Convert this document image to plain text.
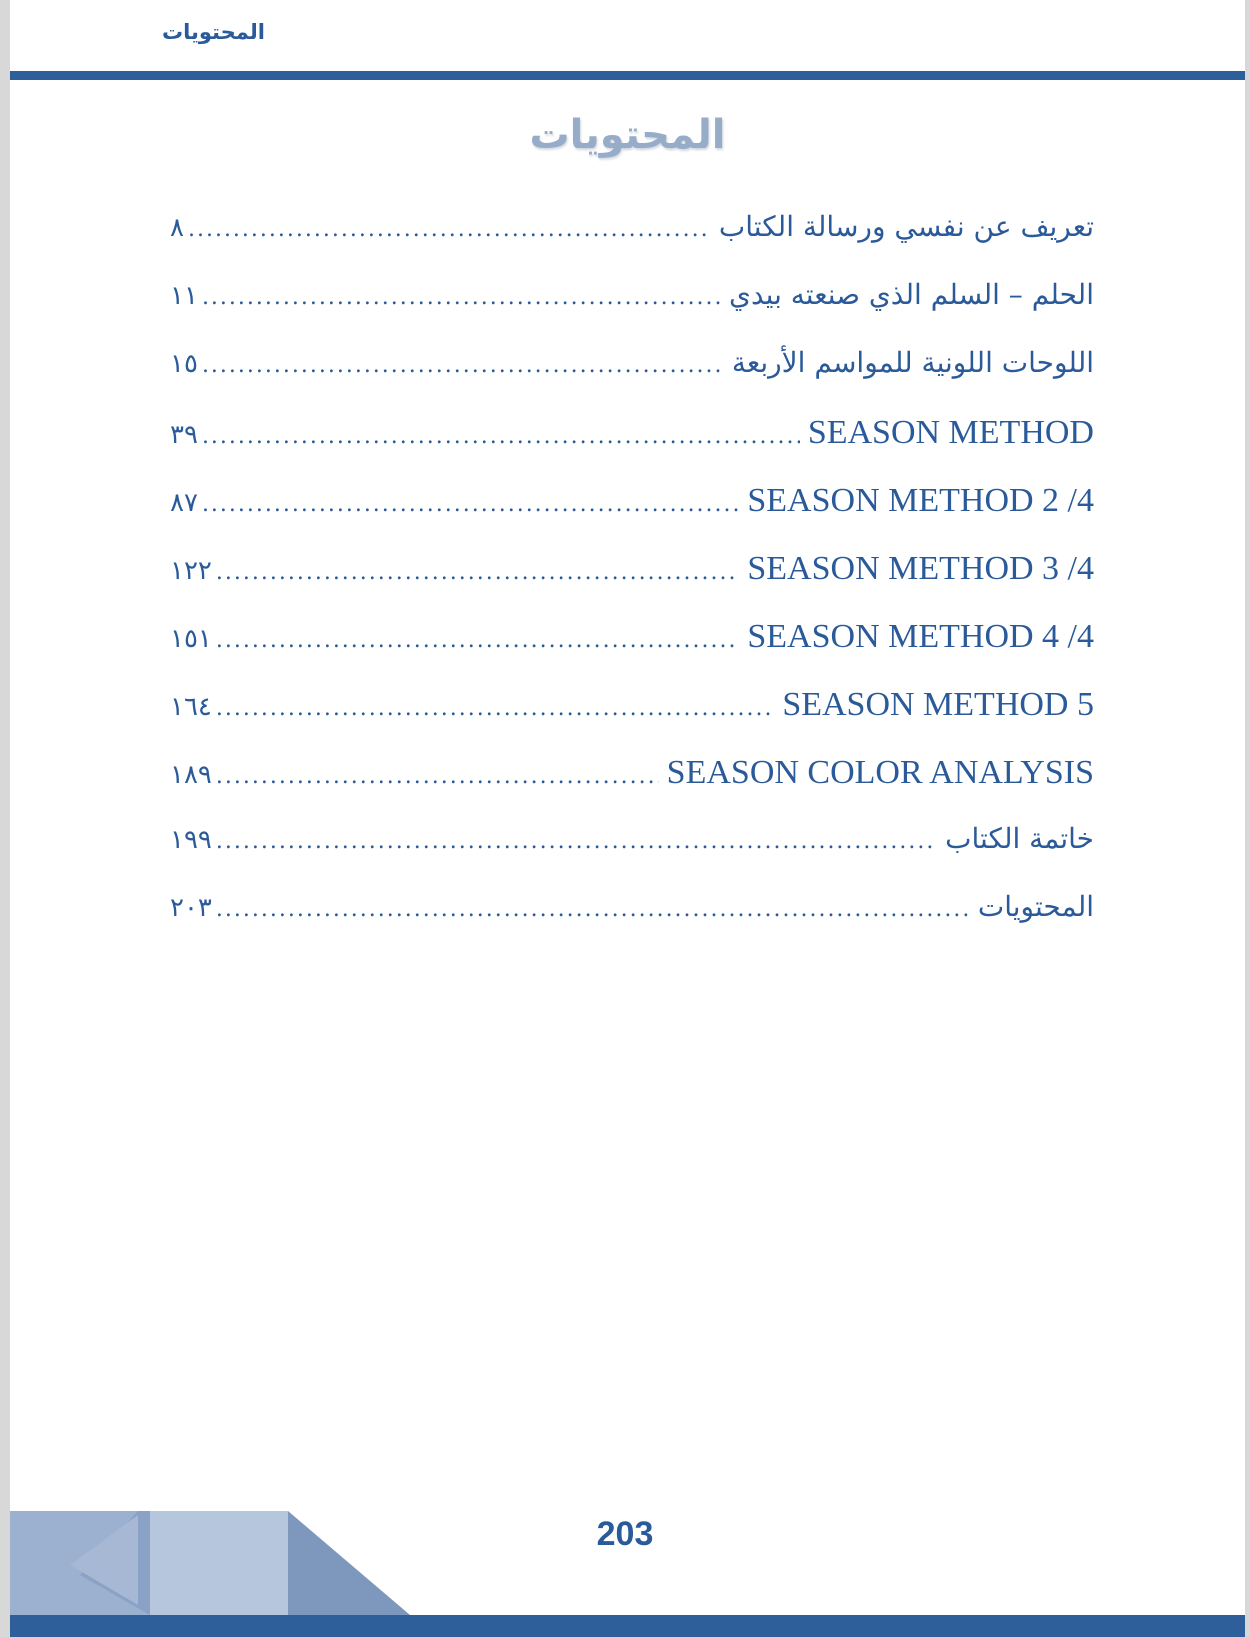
المحتويات
المحتويات
٨ .....	تعريف عن نفسي ورسالة الكتاب
١١ .....	الحلم – السلم الذي صنعته بيدي
١٥ .....	اللوحات اللونية للمواسم الأربعة
٣٩ .....	SEASON METHOD
٨٧ .....	SEASON METHOD 2 /4
١٢٢ .....	SEASON METHOD 3 /4
١٥١ .....	SEASON METHOD 4 /4
١٦٤ .....	SEASON METHOD 5
١٨٩ .....	SEASON COLOR ANALYSIS
١٩٩ .....	خاتمة الكتاب
٢٠٣ .....	المحتويات
203
